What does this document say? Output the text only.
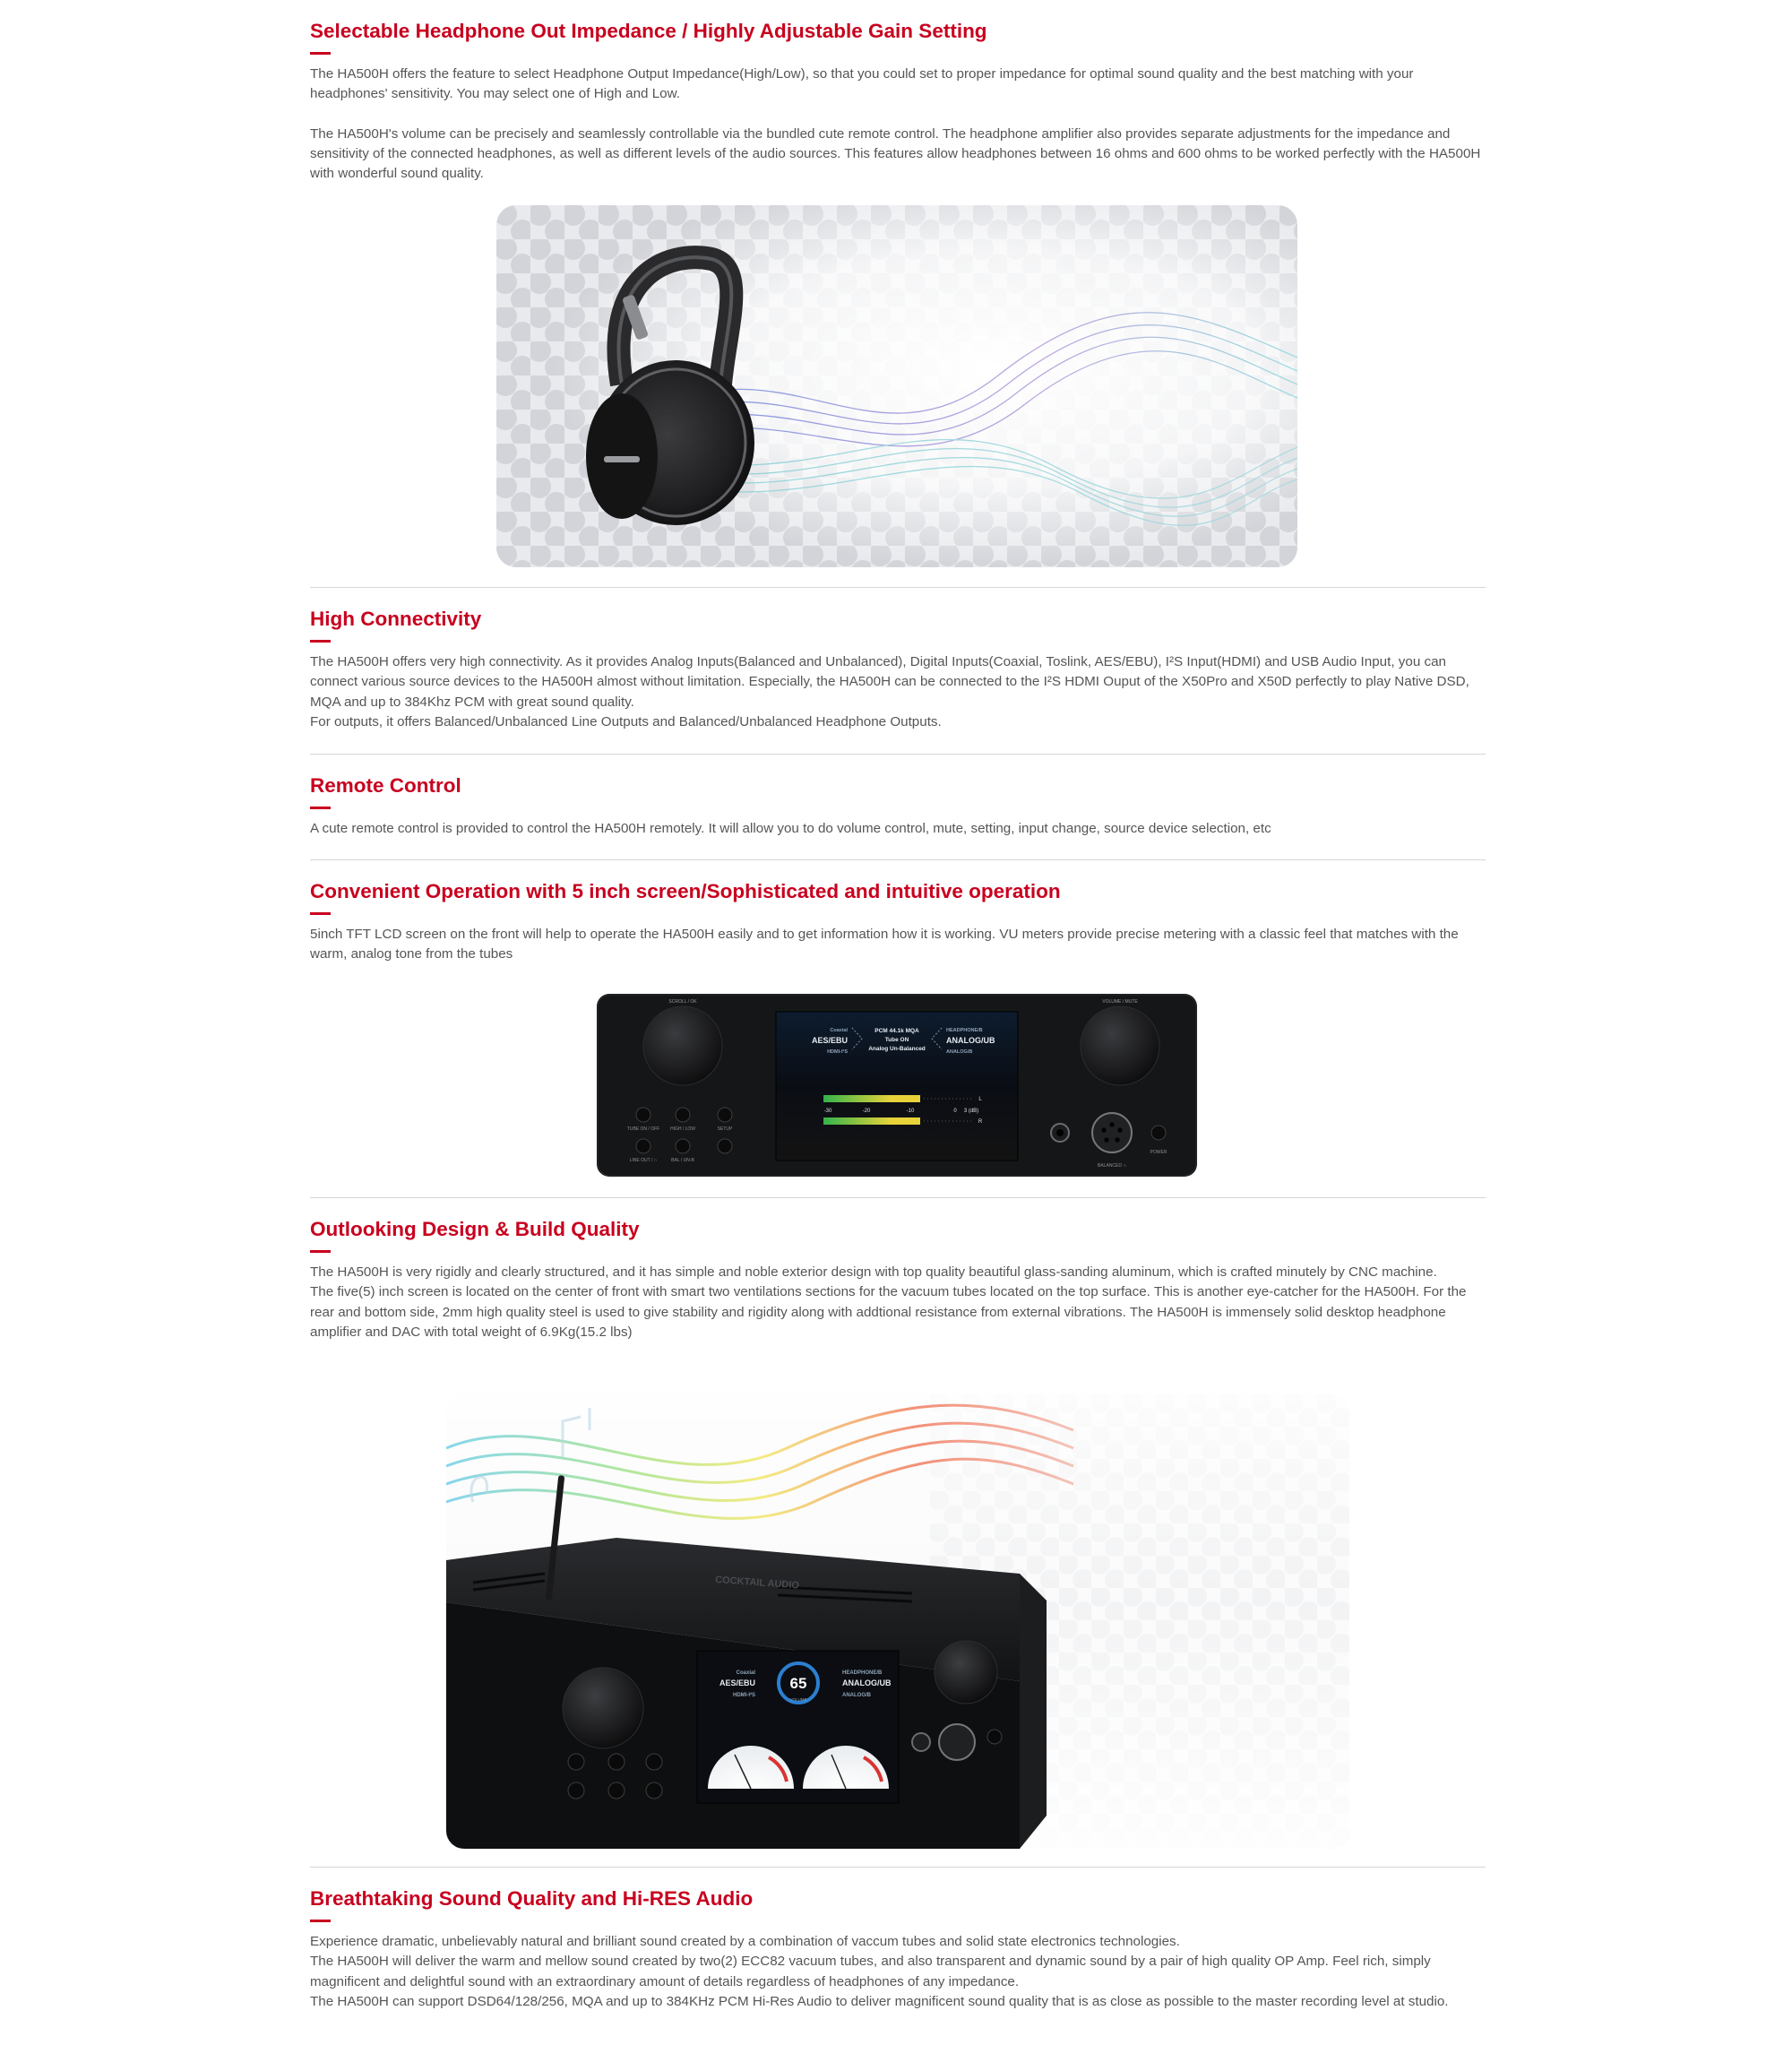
Selectable Headphone Out Impedance / Highly Adjustable Gain Setting

The HA500H offers the feature to select Headphone Output Impedance(High/Low), so that you could set to proper impedance for optimal sound quality and the best matching with your headphones' sensitivity. You may select one of High and Low.

The HA500H's volume can be precisely and seamlessly controllable via the bundled cute remote control. The headphone amplifier also provides separate adjustments for the impedance and sensitivity of the connected headphones, as well as different levels of the audio sources. This features allow headphones between 16 ohms and 600 ohms to be worked perfectly with the HA500H with wonderful sound quality.

High Connectivity

The HA500H offers very high connectivity. As it provides Analog Inputs(Balanced and Unbalanced), Digital Inputs(Coaxial, Toslink, AES/EBU), I²S Input(HDMI) and USB Audio Input, you can connect various source devices to the HA500H almost without limitation. Especially, the HA500H can be connected to the I²S HDMI Ouput of the X50Pro and X50D perfectly to play Native DSD, MQA and up to 384Khz PCM with great sound quality.

For outputs, it offers Balanced/Unbalanced Line Outputs and Balanced/Unbalanced Headphone Outputs.

Remote Control

A cute remote control is provided to control the HA500H remotely. It will allow you to do volume control, mute, setting, input change, source device selection, etc

Convenient Operation with 5 inch screen/Sophisticated and intuitive operation

5inch TFT LCD screen on the front will help to operate the HA500H easily and to get information how it is working. VU meters provide precise metering with a classic feel that matches with the warm, analog tone from the tubes

SCROLL / OK	VOLUME / MUTE
TUBE ON / OFF HIGH / LOW	SETUP
LINE OUT / ∩	BAL / UN-B
Coaxial
AES/EBU
HDMI-I²S
PCM 44.1k MQA
Tube ON
Analog Un-Balanced
HEADPHONE/B
ANALOG/UB
ANALOG/B
-30	-20	-10	0 3 (dB)
L
R
POWER
BALANCED ∩
Outlooking Design & Build Quality

The HA500H is very rigidly and clearly structured, and it has simple and noble exterior design with top quality beautiful glass-sanding aluminum, which is crafted minutely by CNC machine.

The five(5) inch screen is located on the center of front with smart two ventilations sections for the vacuum tubes located on the top surface. This is another eye-catcher for the HA500H. For the rear and bottom side, 2mm high quality steel is used to give stability and rigidity along with addtional resistance from external vibrations. The HA500H is immensely solid desktop headphone amplifier and DAC with total weight of 6.9Kg(15.2 lbs)

COCKTAIL AUDIO
Coaxial
AES/EBU
HDMI-I²S
HEADPHONE/B
ANALOG/UB
ANALOG/B
65
VOLUME
Breathtaking Sound Quality and Hi-RES Audio

Experience dramatic, unbelievably natural and brilliant sound created by a combination of vaccum tubes and solid state electronics technologies.

The HA500H will deliver the warm and mellow sound created by two(2) ECC82 vacuum tubes, and also transparent and dynamic sound by a pair of high quality OP Amp. Feel rich, simply magnificent and delightful sound with an extraordinary amount of details regardless of headphones of any impedance.

The HA500H can support DSD64/128/256, MQA and up to 384KHz PCM Hi-Res Audio to deliver magnificent sound quality that is as close as possible to the master recording level at studio.
